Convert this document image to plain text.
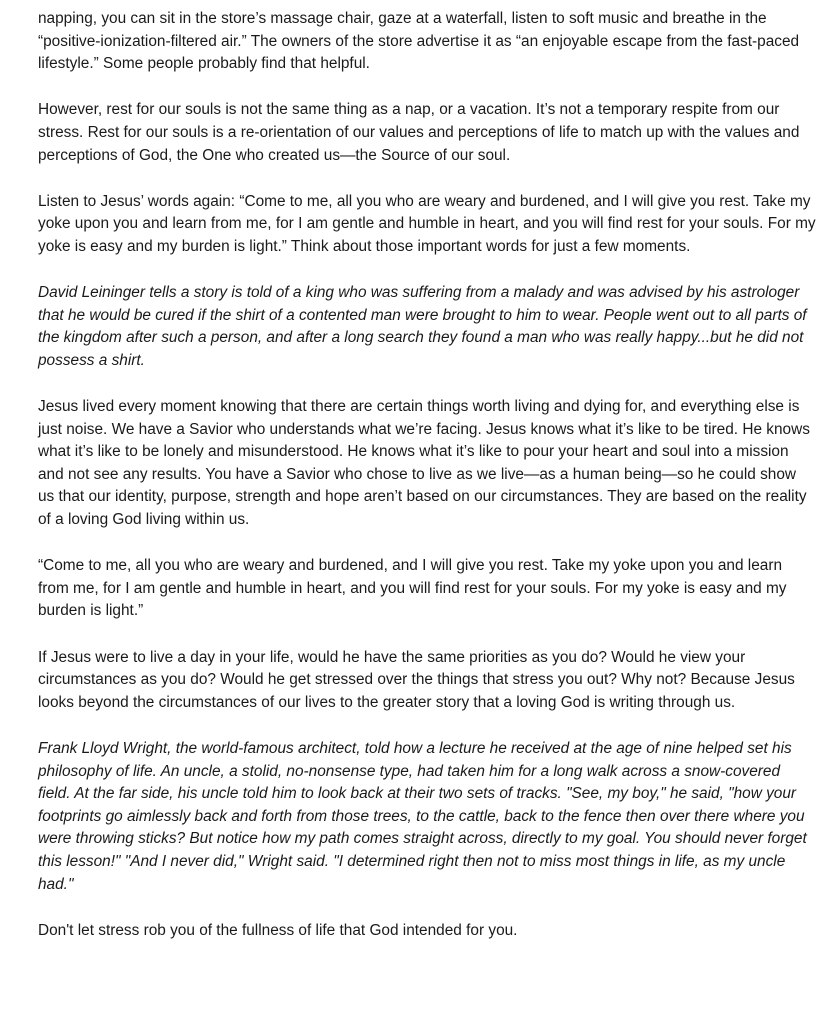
napping, you can sit in the store’s massage chair, gaze at a waterfall, listen to soft music and breathe in the “positive-ionization-filtered air.” The owners of the store advertise it as “an enjoyable escape from the fast-paced lifestyle.” Some people probably find that helpful.

However, rest for our souls is not the same thing as a nap, or a vacation. It’s not a temporary respite from our stress. Rest for our souls is a re-orientation of our values and perceptions of life to match up with the values and perceptions of God, the One who created us—the Source of our soul.

Listen to Jesus’ words again: “Come to me, all you who are weary and burdened, and I will give you rest. Take my yoke upon you and learn from me, for I am gentle and humble in heart, and you will find rest for your souls. For my yoke is easy and my burden is light.” Think about those important words for just a few moments.

David Leininger tells a story is told of a king who was suffering from a malady and was advised by his astrologer that he would be cured if the shirt of a contented man were brought to him to wear. People went out to all parts of the kingdom after such a person, and after a long search they found a man who was really happy...but he did not possess a shirt.

Jesus lived every moment knowing that there are certain things worth living and dying for, and everything else is just noise. We have a Savior who understands what we’re facing. Jesus knows what it’s like to be tired. He knows what it’s like to be lonely and misunderstood. He knows what it’s like to pour your heart and soul into a mission and not see any results. You have a Savior who chose to live as we live—as a human being—so he could show us that our identity, purpose, strength and hope aren’t based on our circumstances. They are based on the reality of a loving God living within us.

“Come to me, all you who are weary and burdened, and I will give you rest. Take my yoke upon you and learn from me, for I am gentle and humble in heart, and you will find rest for your souls. For my yoke is easy and my burden is light.”

If Jesus were to live a day in your life, would he have the same priorities as you do? Would he view your circumstances as you do? Would he get stressed over the things that stress you out? Why not? Because Jesus looks beyond the circumstances of our lives to the greater story that a loving God is writing through us.

Frank Lloyd Wright, the world-famous architect, told how a lecture he received at the age of nine helped set his philosophy of life. An uncle, a stolid, no-nonsense type, had taken him for a long walk across a snow-covered field. At the far side, his uncle told him to look back at their two sets of tracks. "See, my boy," he said, "how your footprints go aimlessly back and forth from those trees, to the cattle, back to the fence then over there where you were throwing sticks? But notice how my path comes straight across, directly to my goal. You should never forget this lesson!" "And I never did," Wright said. "I determined right then not to miss most things in life, as my uncle had."

Don't let stress rob you of the fullness of life that God intended for you.
